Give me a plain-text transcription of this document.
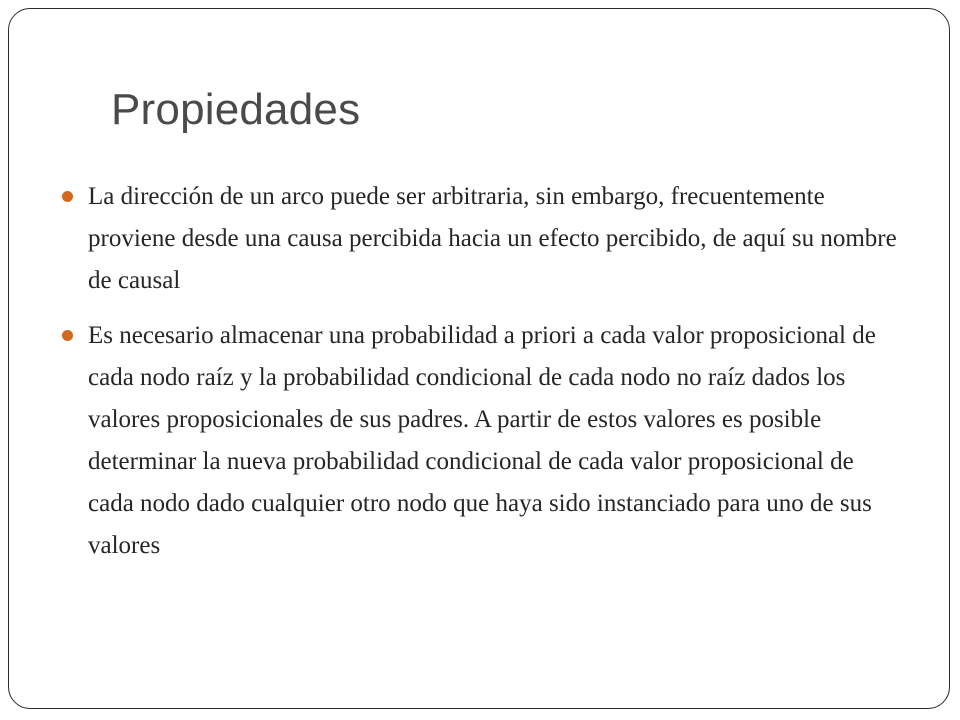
Propiedades
La dirección de un arco puede ser arbitraria, sin embargo, frecuentemente proviene desde una causa percibida hacia un efecto percibido, de aquí su nombre de causal
Es necesario almacenar una probabilidad a priori a cada valor proposicional de cada nodo raíz y la probabilidad condicional de cada nodo no raíz dados los valores proposicionales de sus padres. A partir de estos valores es posible determinar la nueva probabilidad condicional de cada valor proposicional de cada nodo dado cualquier otro nodo que haya sido instanciado para uno de sus valores
